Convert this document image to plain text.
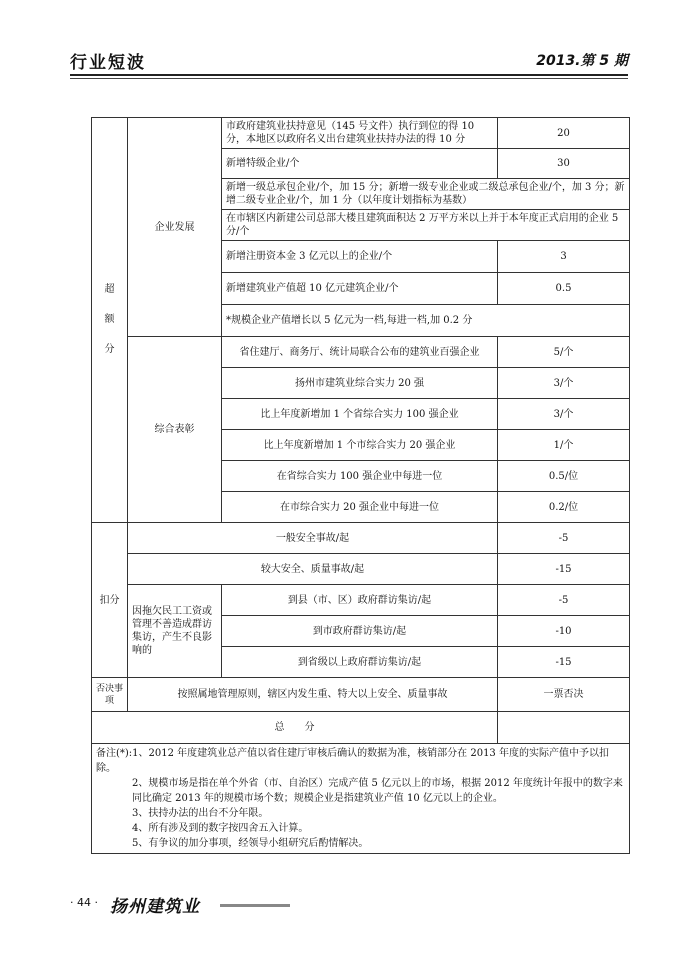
行业短波	2013.第 5 期
超
额
分	企业发展	市政府建筑业扶持意见（145 号文件）执行到位的得 10 分，本地区以政府名义出台建筑业扶持办法的得 10 分	20
		新增特级企业/个	30
		新增一级总承包企业/个，加 15 分；新增一级专业企业或二级总承包企业/个，加 3 分；新增二级专业企业/个，加 1 分（以年度计划指标为基数）	
		在市辖区内新建公司总部大楼且建筑面积达 2 万平方米以上并于本年度正式启用的企业 5 分/个	
		新增注册资本金 3 亿元以上的企业/个	3
		新增建筑业产值超 10 亿元建筑企业/个	0.5
		*规模企业产值增长以 5 亿元为一档,每进一档,加 0.2 分	
	综合表彰	省住建厅、商务厅、统计局联合公布的建筑业百强企业	5/个
		扬州市建筑业综合实力 20 强	3/个
		比上年度新增加 1 个省综合实力 100 强企业	3/个
		比上年度新增加 1 个市综合实力 20 强企业	1/个
		在省综合实力 100 强企业中每进一位	0.5/位
		在市综合实力 20 强企业中每进一位	0.2/位

扣分	一般安全事故/起		-5
	较大安全、质量事故/起		-15
	因拖欠民工工资或管理不善造成群访集访，产生不良影响的	到县（市、区）政府群访集访/起	-5
		到市政府群访集访/起	-10
		到省级以上政府群访集访/起	-15
否决事项	按照属地管理原则，辖区内发生重、特大以上安全、质量事故		一票否决
总　　分			

备注(*):1、2012 年度建筑业总产值以省住建厅审核后确认的数据为准，核销部分在 2013 年度的实际产值中予以扣除。
2、规模市场是指在单个外省（市、自治区）完成产值 5 亿元以上的市场，根据 2012 年度统计年报中的数字来同比确定 2013 年的规模市场个数；规模企业是指建筑业产值 10 亿元以上的企业。
3、扶持办法的出台不分年限。
4、所有涉及到的数字按四舍五入计算。
5、有争议的加分事项，经领导小组研究后酌情解决。			
· 44 · 扬州建筑业
